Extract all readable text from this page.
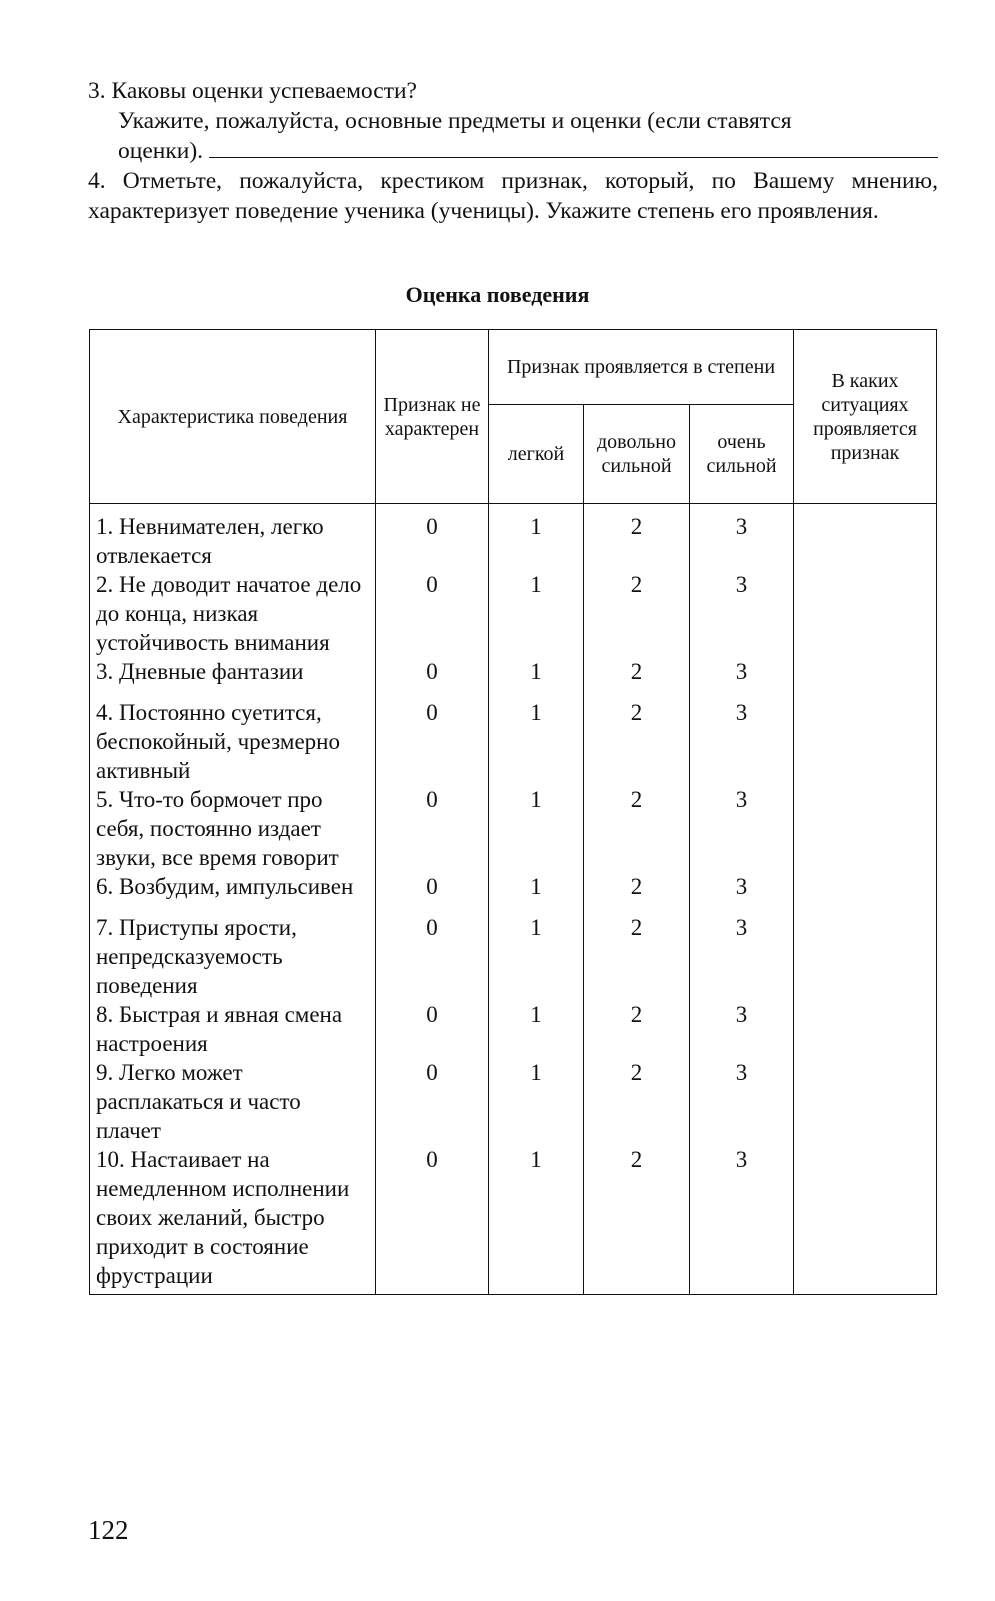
3. Каковы оценки успеваемости?

Укажите, пожалуйста, основные предметы и оценки (если ставятся

оценки).

4. Отметьте, пожалуйста, крестиком признак, который, по Вашему мнению, характеризует поведение ученика (ученицы). Укажите степень его проявления.

Оценка поведения
Характеристика поведения	Признак не характерен	Признак проявляется в степени			В каких ситуациях проявляется признак
		легкой	довольно сильной	очень сильной	
1. Невнимателен, легко отвлекается	0	1	2	3	
2. Не доводит начатое дело до конца, низкая устойчивость внимания	0	1	2	3	
3. Дневные фантазии	0	1	2	3	
4. Постоянно суетится, беспокойный, чрезмерно активный	0	1	2	3	
5. Что-то бормочет про себя, постоянно издает звуки, все время говорит	0	1	2	3	
6. Возбудим, импульсивен	0	1	2	3	
7. Приступы ярости, непредсказуемость поведения	0	1	2	3	
8. Быстрая и явная смена настроения	0	1	2	3	
9. Легко может расплакаться и часто плачет	0	1	2	3	
10. Настаивает на немедленном исполнении своих желаний, быстро приходит в состояние фрустрации	0	1	2	3	
122
